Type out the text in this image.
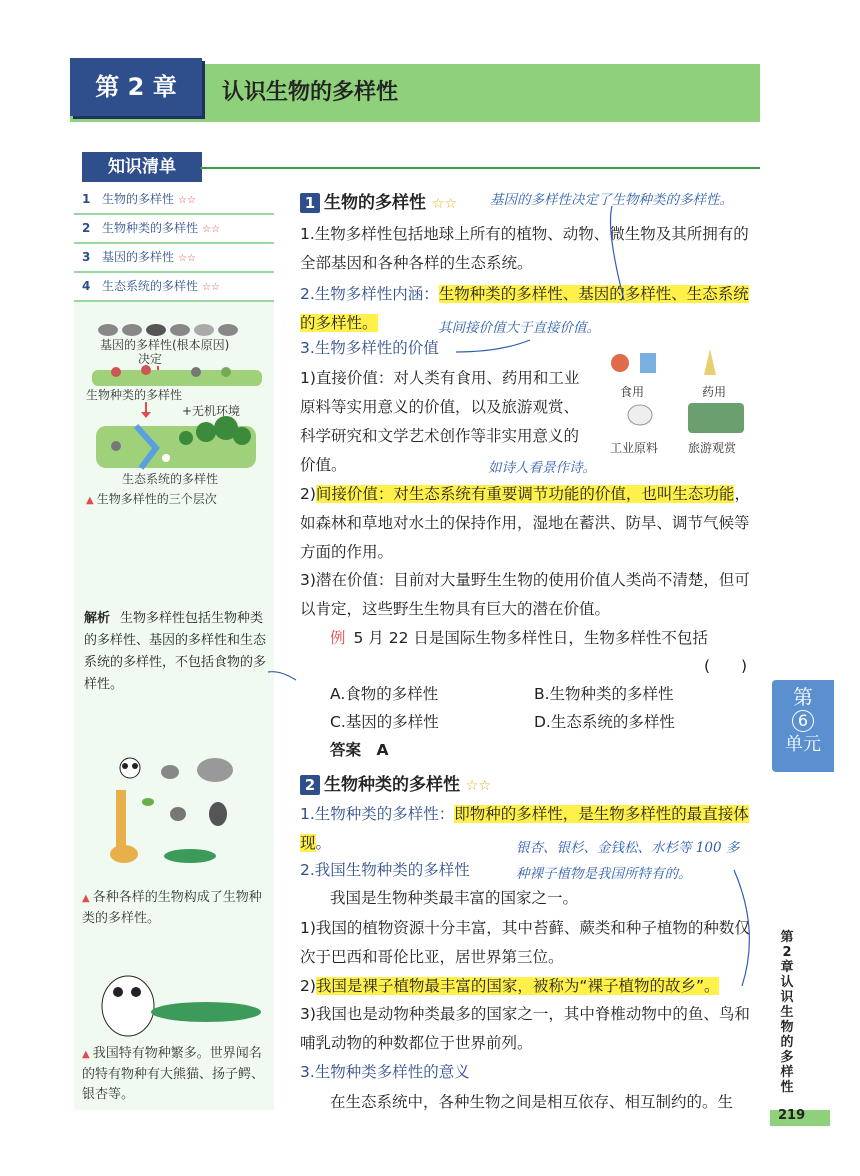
第 2 章	认识生物的多样性
知识清单
1 生物的多样性 ☆☆
2 生物种类的多样性 ☆☆
3 基因的多样性 ☆☆
4 生态系统的多样性 ☆☆
基因的多样性(根本原因)
决定
生物种类的多样性
+无机环境
生态系统的多样性
▲ 生物多样性的三个层次
解析 生物多样性包括生物种类的多样性、基因的多样性和生态系统的多样性，不包括食物的多样性。
▲ 各种各样的生物构成了生物种类的多样性。
▲ 我国特有物种繁多。世界闻名的特有物种有大熊猫、扬子鳄、银杏等。
第
6
单元
第2章　认识生物的多样性
219
1 生物的多样性 ☆☆ 基因的多样性决定了生物种类的多样性。
1.生物多样性包括地球上所有的植物、动物、微生物及其所拥有的全部基因和各种各样的生态系统。
2.生物多样性内涵：生物种类的多样性、基因的多样性、生态系统的多样性。	其间接价值大于直接价值。
3.生物多样性的价值
1)直接价值：对人类有食用、药用和工业原料等实用意义的价值，以及旅游观赏、科学研究和文学艺术创作等非实用意义的价值。	如诗人看景作诗。
食用	药用
工业原料 旅游观赏
2)间接价值：对生态系统有重要调节功能的价值，也叫生态功能，如森林和草地对水土的保持作用，湿地在蓄洪、防旱、调节气候等方面的作用。
3)潜在价值：目前对大量野生生物的使用价值人类尚不清楚，但可以肯定，这些野生生物具有巨大的潜在价值。
例 5 月 22 日是国际生物多样性日，生物多样性不包括
(　　)
A.食物的多样性	B.生物种类的多样性
C.基因的多样性	D.生态系统的多样性
答案　A
2 生物种类的多样性 ☆☆
1.生物种类的多样性：即物种的多样性，是生物多样性的最直接体现。	银杏、银杉、金钱松、水杉等 100 多
种裸子植物是我国所特有的。
2.我国生物种类的多样性
我国是生物种类最丰富的国家之一。
1)我国的植物资源十分丰富，其中苔藓、蕨类和种子植物的种数仅次于巴西和哥伦比亚，居世界第三位。
2)我国是裸子植物最丰富的国家，被称为“裸子植物的故乡”。
3)我国也是动物种类最多的国家之一，其中脊椎动物中的鱼、鸟和哺乳动物的种数都位于世界前列。
3.生物种类多样性的意义
在生态系统中，各种生物之间是相互依存、相互制约的。生
